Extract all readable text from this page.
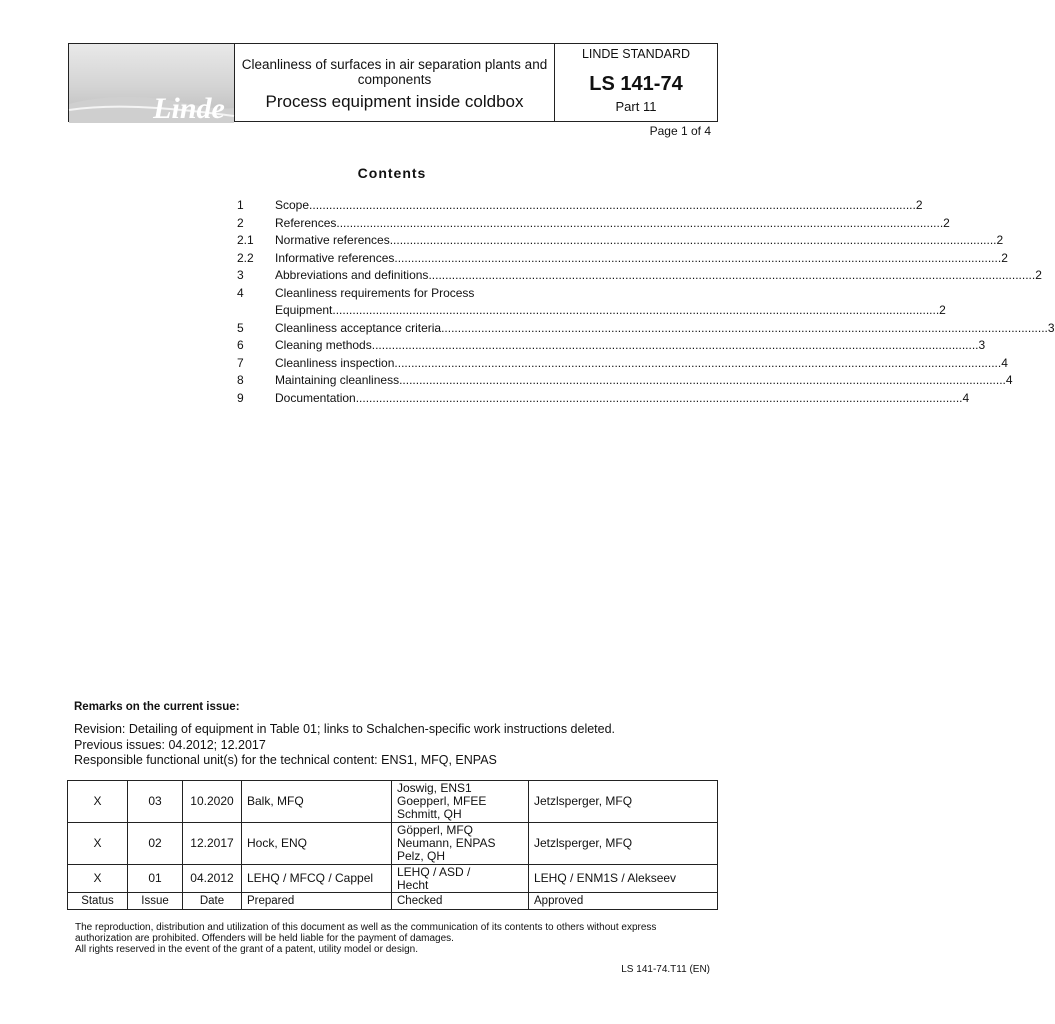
Linde
Cleanliness of surfaces in air separation plants and components
Process equipment inside coldbox
LINDE STANDARD
LS 141-74
Part 11
Page 1 of 4
Contents
1	Scope .....	2
2	References .....	2
2.1	Normative references .....	2
2.2	Informative references .....	2
3	Abbreviations and definitions .....	2
4	Cleanliness requirements for Process
Equipment .....	2
5	Cleanliness acceptance criteria .....	3
6	Cleaning methods .....	3
7	Cleanliness inspection .....	4
8	Maintaining cleanliness .....	4
9	Documentation .....	4
Remarks on the current issue:
Revision: Detailing of equipment in Table 01; links to Schalchen-specific work instructions deleted.
Previous issues: 04.2012; 12.2017
Responsible functional unit(s) for the technical content: ENS1, MFQ, ENPAS
X	03	10.2020	Balk, MFQ	Joswig, ENS1
Goepperl, MFEE
Schmitt, QH	Jetzlsperger, MFQ
X	02	12.2017	Hock, ENQ	Göpperl, MFQ
Neumann, ENPAS
Pelz, QH	Jetzlsperger, MFQ
X	01	04.2012	LEHQ / MFCQ / Cappel	LEHQ / ASD /
Hecht	LEHQ / ENM1S / Alekseev
Status	Issue	Date	Prepared	Checked	Approved
The reproduction, distribution and utilization of this document as well as the communication of its contents to others without express
authorization are prohibited. Offenders will be held liable for the payment of damages.
All rights reserved in the event of the grant of a patent, utility model or design.
LS 141-74.T11 (EN)
